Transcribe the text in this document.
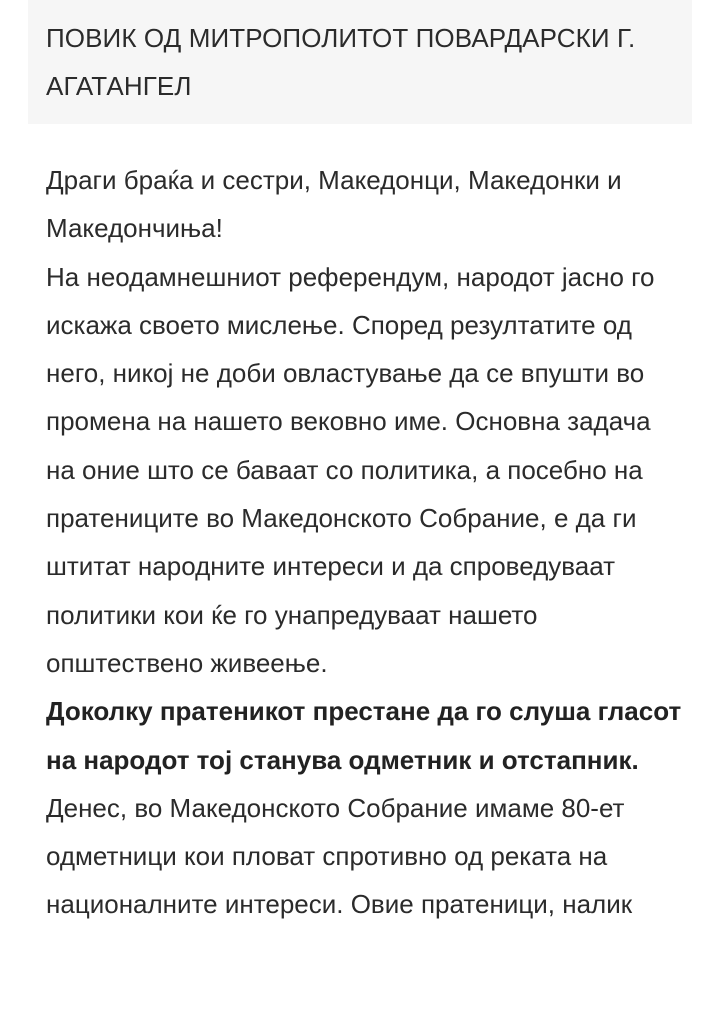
ПОВИК ОД МИТРОПОЛИТОТ ПОВАРДАРСКИ Г. АГАТАНГЕЛ

Драги браќа и сестри, Македонци, Македонки и Македончиња!

На неодамнешниот референдум, народот јасно го искажа своето мислење. Според резултатите од него, никој не доби овластување да се впушти во промена на нашето вековно име. Основна задача на оние што се баваат со политика, а посебно на пратениците во Македонското Собрание, е да ги штитат народните интереси и да спроведуваат политики кои ќе го унапредуваат нашето општествено живеење.

Доколку пратеникот престане да го слуша гласот на народот тој станува одметник и отстапник.

Денес, во Македонското Собрание имаме 80-ет одметници кои пловат спротивно од реката на националните интереси. Овие пратеници, налик
